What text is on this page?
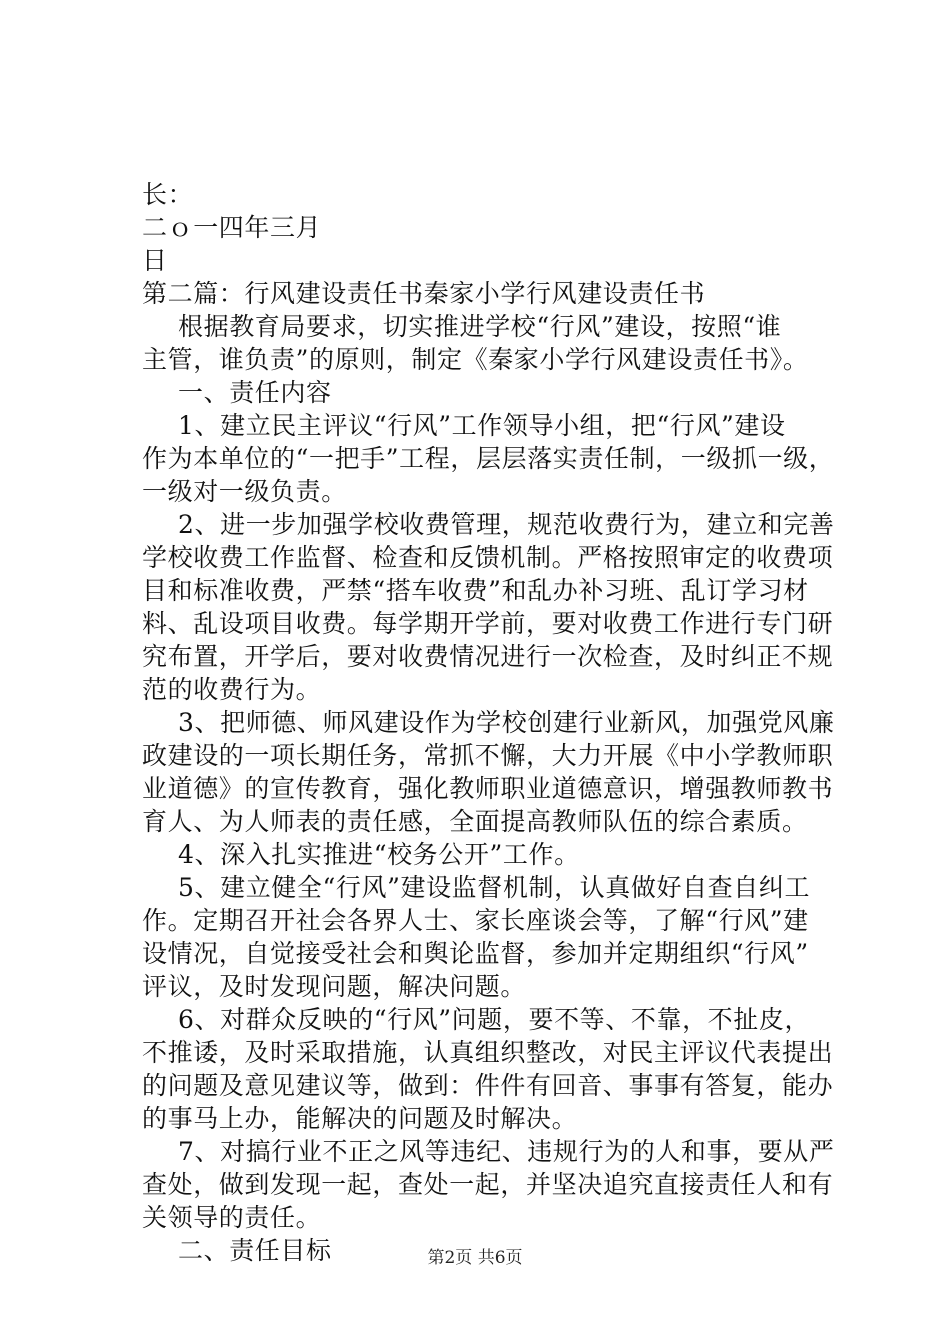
长：
二ｏ一四年三月
日
第二篇：行风建设责任书秦家小学行风建设责任书
根据教育局要求，切实推进学校“行风”建设，按照“谁
主管，谁负责”的原则，制定《秦家小学行风建设责任书》。
一、责任内容
1、建立民主评议“行风”工作领导小组，把“行风”建设
作为本单位的“一把手”工程，层层落实责任制，一级抓一级，
一级对一级负责。
2、进一步加强学校收费管理，规范收费行为，建立和完善
学校收费工作监督、检查和反馈机制。严格按照审定的收费项
目和标准收费，严禁“搭车收费”和乱办补习班、乱订学习材
料、乱设项目收费。每学期开学前，要对收费工作进行专门研
究布置，开学后，要对收费情况进行一次检查，及时纠正不规
范的收费行为。
3、把师德、师风建设作为学校创建行业新风，加强党风廉
政建设的一项长期任务，常抓不懈，大力开展《中小学教师职
业道德》的宣传教育，强化教师职业道德意识，增强教师教书
育人、为人师表的责任感，全面提高教师队伍的综合素质。
4、深入扎实推进“校务公开”工作。
5、建立健全“行风”建设监督机制，认真做好自查自纠工
作。定期召开社会各界人士、家长座谈会等，了解“行风”建
设情况，自觉接受社会和舆论监督，参加并定期组织“行风”
评议，及时发现问题，解决问题。
6、对群众反映的“行风”问题，要不等、不靠，不扯皮，
不推诿，及时采取措施，认真组织整改，对民主评议代表提出
的问题及意见建议等，做到：件件有回音、事事有答复，能办
的事马上办，能解决的问题及时解决。
7、对搞行业不正之风等违纪、违规行为的人和事，要从严
查处，做到发现一起，查处一起，并坚决追究直接责任人和有
关领导的责任。
二、责任目标	第2页 共6页
